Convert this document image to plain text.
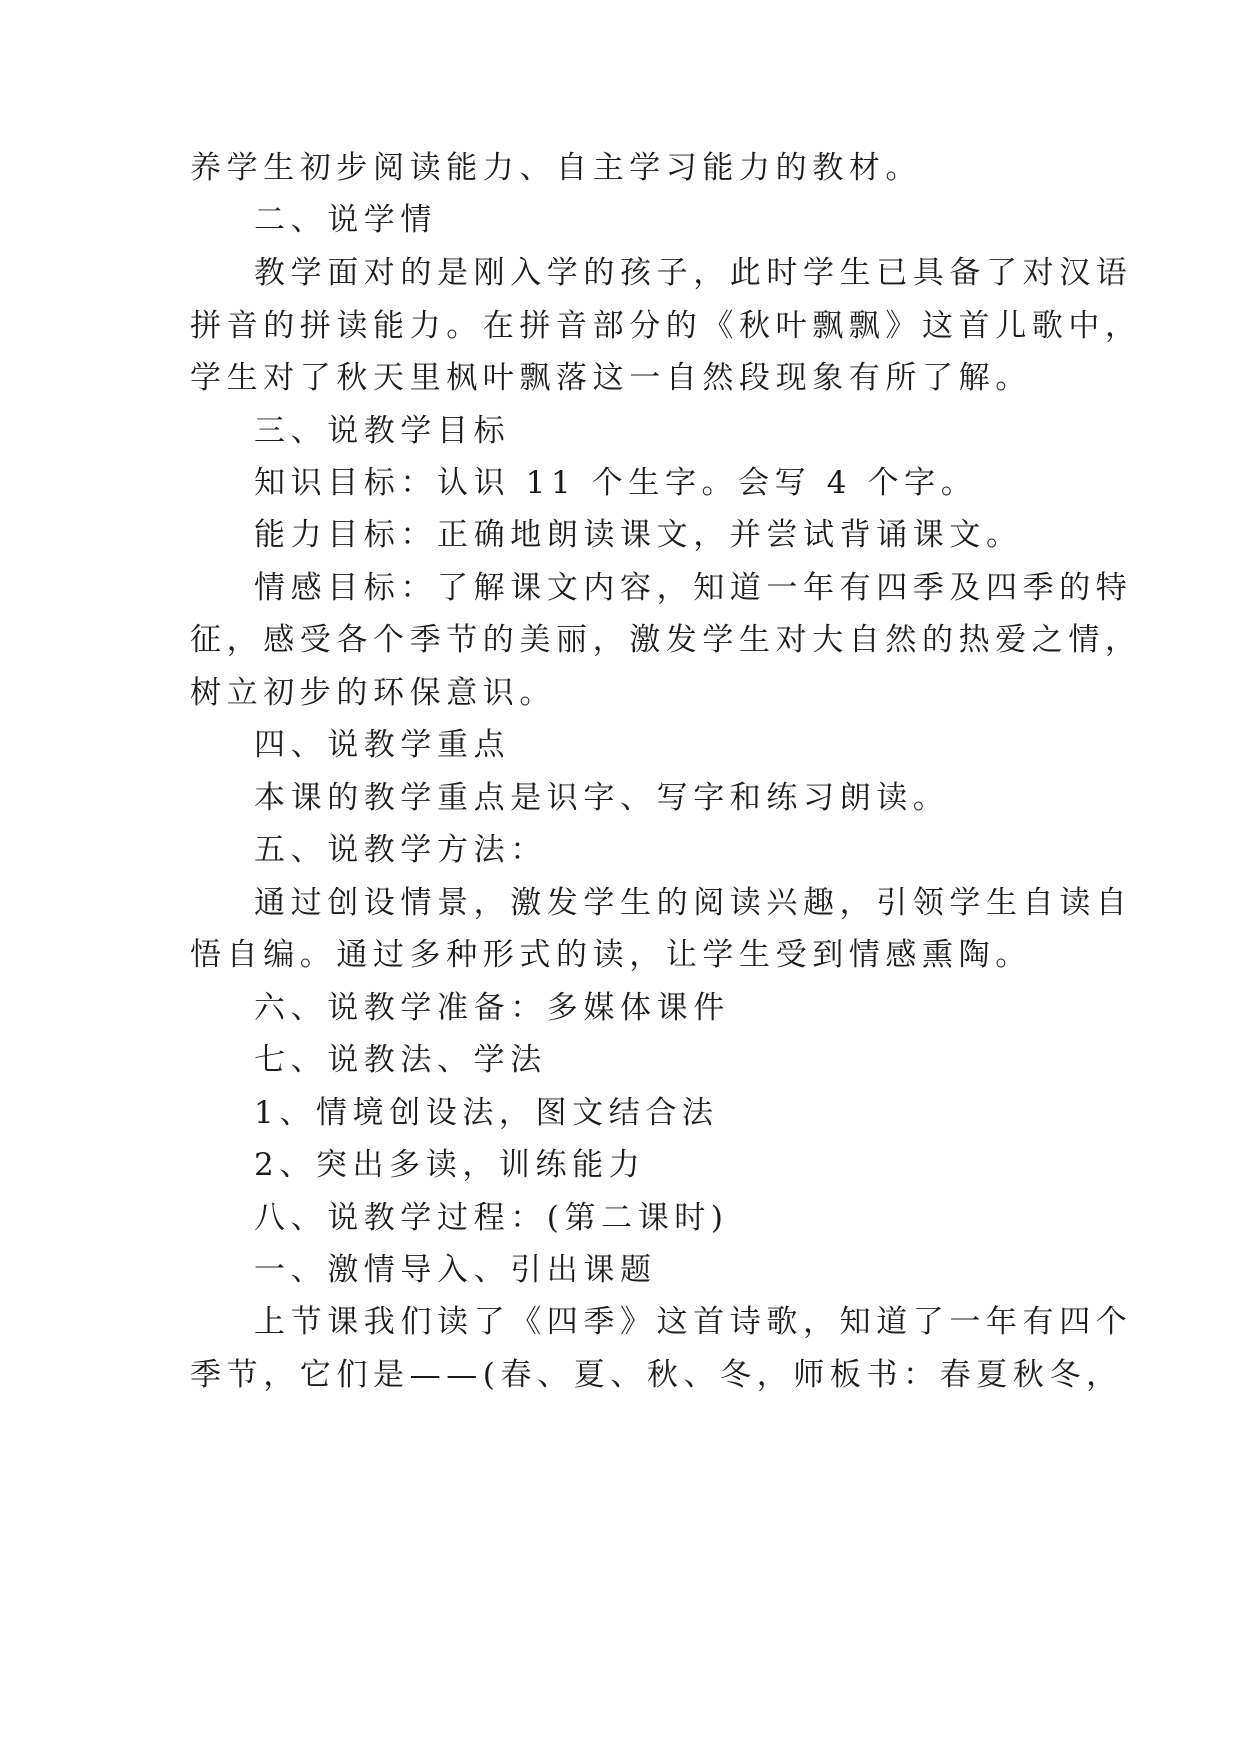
养学生初步阅读能力、自主学习能力的教材。
二、说学情
教学面对的是刚入学的孩子，此时学生已具备了对汉语
拼音的拼读能力。在拼音部分的《秋叶飘飘》这首儿歌中，
学生对了秋天里枫叶飘落这一自然段现象有所了解。
三、说教学目标
知识目标：认识 11 个生字。会写 4 个字。
能力目标：正确地朗读课文，并尝试背诵课文。
情感目标：了解课文内容，知道一年有四季及四季的特
征，感受各个季节的美丽，激发学生对大自然的热爱之情，
树立初步的环保意识。
四、说教学重点
本课的教学重点是识字、写字和练习朗读。
五、说教学方法：
通过创设情景，激发学生的阅读兴趣，引领学生自读自
悟自编。通过多种形式的读，让学生受到情感熏陶。
六、说教学准备：多媒体课件
七、说教法、学法
1、情境创设法，图文结合法
2、突出多读，训练能力
八、说教学过程：(第二课时)
一、激情导入、引出课题
上节课我们读了《四季》这首诗歌，知道了一年有四个
季节，它们是——(春、夏、秋、冬，师板书：春夏秋冬，
